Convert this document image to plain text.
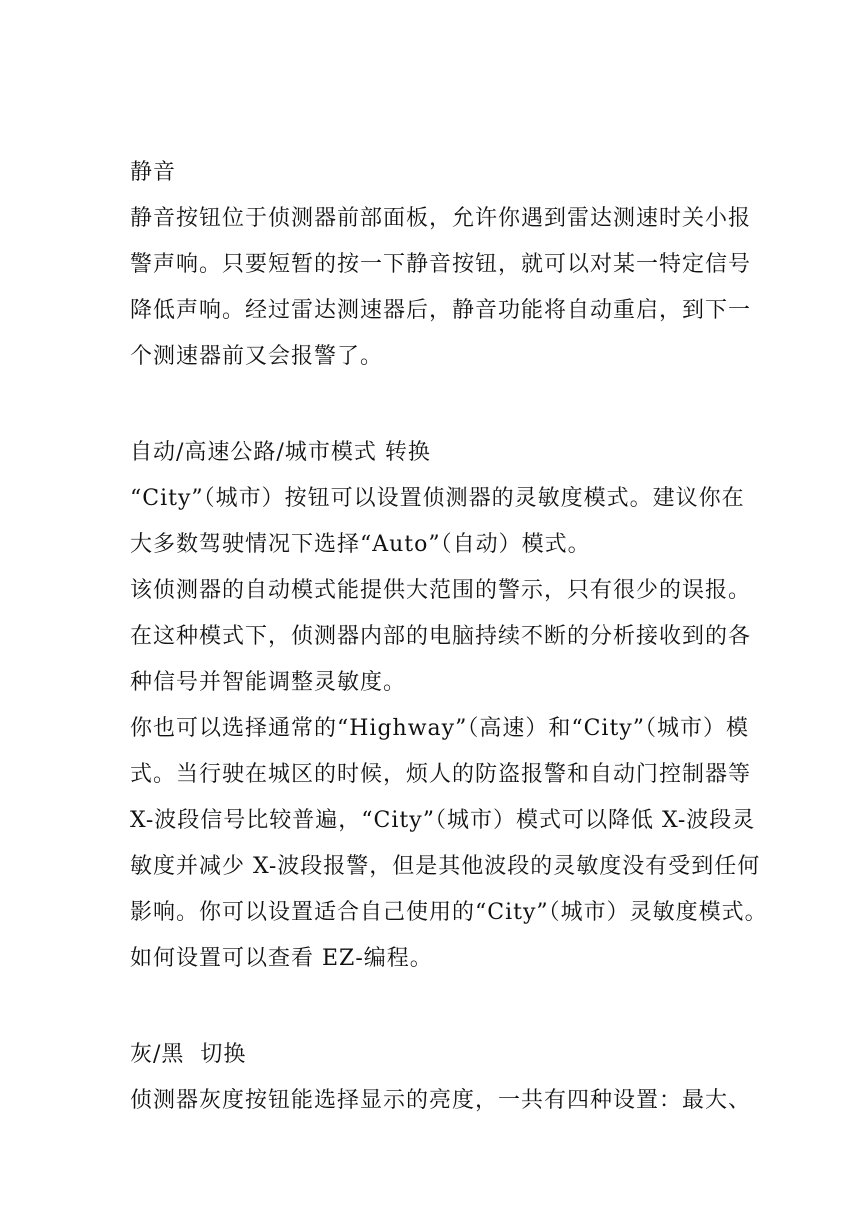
静音
静音按钮位于侦测器前部面板，允许你遇到雷达测速时关小报
警声响。只要短暂的按一下静音按钮，就可以对某一特定信号
降低声响。经过雷达测速器后，静音功能将自动重启，到下一
个测速器前又会报警了。
自动/高速公路/城市模式 转换
“City”（城市）按钮可以设置侦测器的灵敏度模式。建议你在
大多数驾驶情况下选择“Auto”（自动）模式。
该侦测器的自动模式能提供大范围的警示，只有很少的误报。
在这种模式下，侦测器内部的电脑持续不断的分析接收到的各
种信号并智能调整灵敏度。
你也可以选择通常的“Highway”（高速）和“City”（城市）模
式。当行驶在城区的时候，烦人的防盗报警和自动门控制器等
X-波段信号比较普遍，“City”（城市）模式可以降低 X-波段灵
敏度并减少 X-波段报警，但是其他波段的灵敏度没有受到任何
影响。你可以设置适合自己使用的“City”（城市）灵敏度模式。
如何设置可以查看 EZ-编程。
灰/黑  切换
侦测器灰度按钮能选择显示的亮度，一共有四种设置：最大、
